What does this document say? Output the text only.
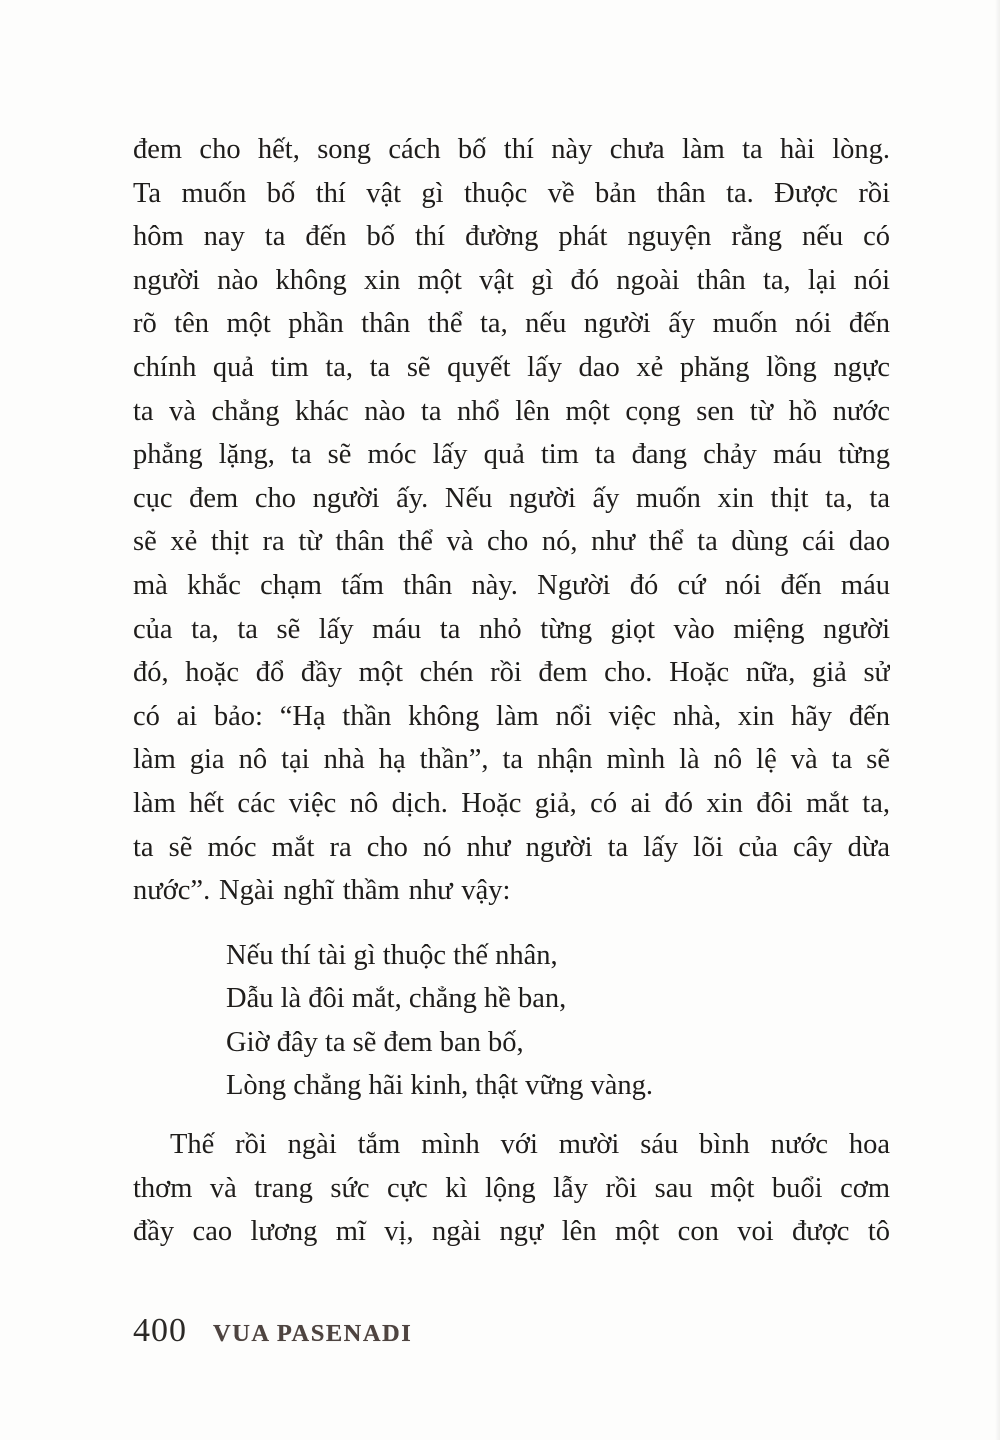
đem cho hết, song cách bố thí này chưa làm ta hài lòng.
Ta muốn bố thí vật gì thuộc về bản thân ta. Được rồi
hôm nay ta đến bố thí đường phát nguyện rằng nếu có
người nào không xin một vật gì đó ngoài thân ta, lại nói
rõ tên một phần thân thể ta, nếu người ấy muốn nói đến
chính quả tim ta, ta sẽ quyết lấy dao xẻ phăng lồng ngực
ta và chẳng khác nào ta nhổ lên một cọng sen từ hồ nước
phẳng lặng, ta sẽ móc lấy quả tim ta đang chảy máu từng
cục đem cho người ấy. Nếu người ấy muốn xin thịt ta, ta
sẽ xẻ thịt ra từ thân thể và cho nó, như thể ta dùng cái dao
mà khắc chạm tấm thân này. Người đó cứ nói đến máu
của ta, ta sẽ lấy máu ta nhỏ từng giọt vào miệng người
đó, hoặc đổ đầy một chén rồi đem cho. Hoặc nữa, giả sử
có ai bảo: “Hạ thần không làm nổi việc nhà, xin hãy đến
làm gia nô tại nhà hạ thần”, ta nhận mình là nô lệ và ta sẽ
làm hết các việc nô dịch. Hoặc giả, có ai đó xin đôi mắt ta,
ta sẽ móc mắt ra cho nó như người ta lấy lõi của cây dừa
nước”. Ngài nghĩ thầm như vậy:
Nếu thí tài gì thuộc thế nhân,
Dẫu là đôi mắt, chẳng hề ban,
Giờ đây ta sẽ đem ban bố,
Lòng chẳng hãi kinh, thật vững vàng.
Thế rồi ngài tắm mình với mười sáu bình nước hoa
thơm và trang sức cực kì lộng lẫy rồi sau một buổi cơm
đầy cao lương mĩ vị, ngài ngự lên một con voi được tô
400 VUA PASENADI
